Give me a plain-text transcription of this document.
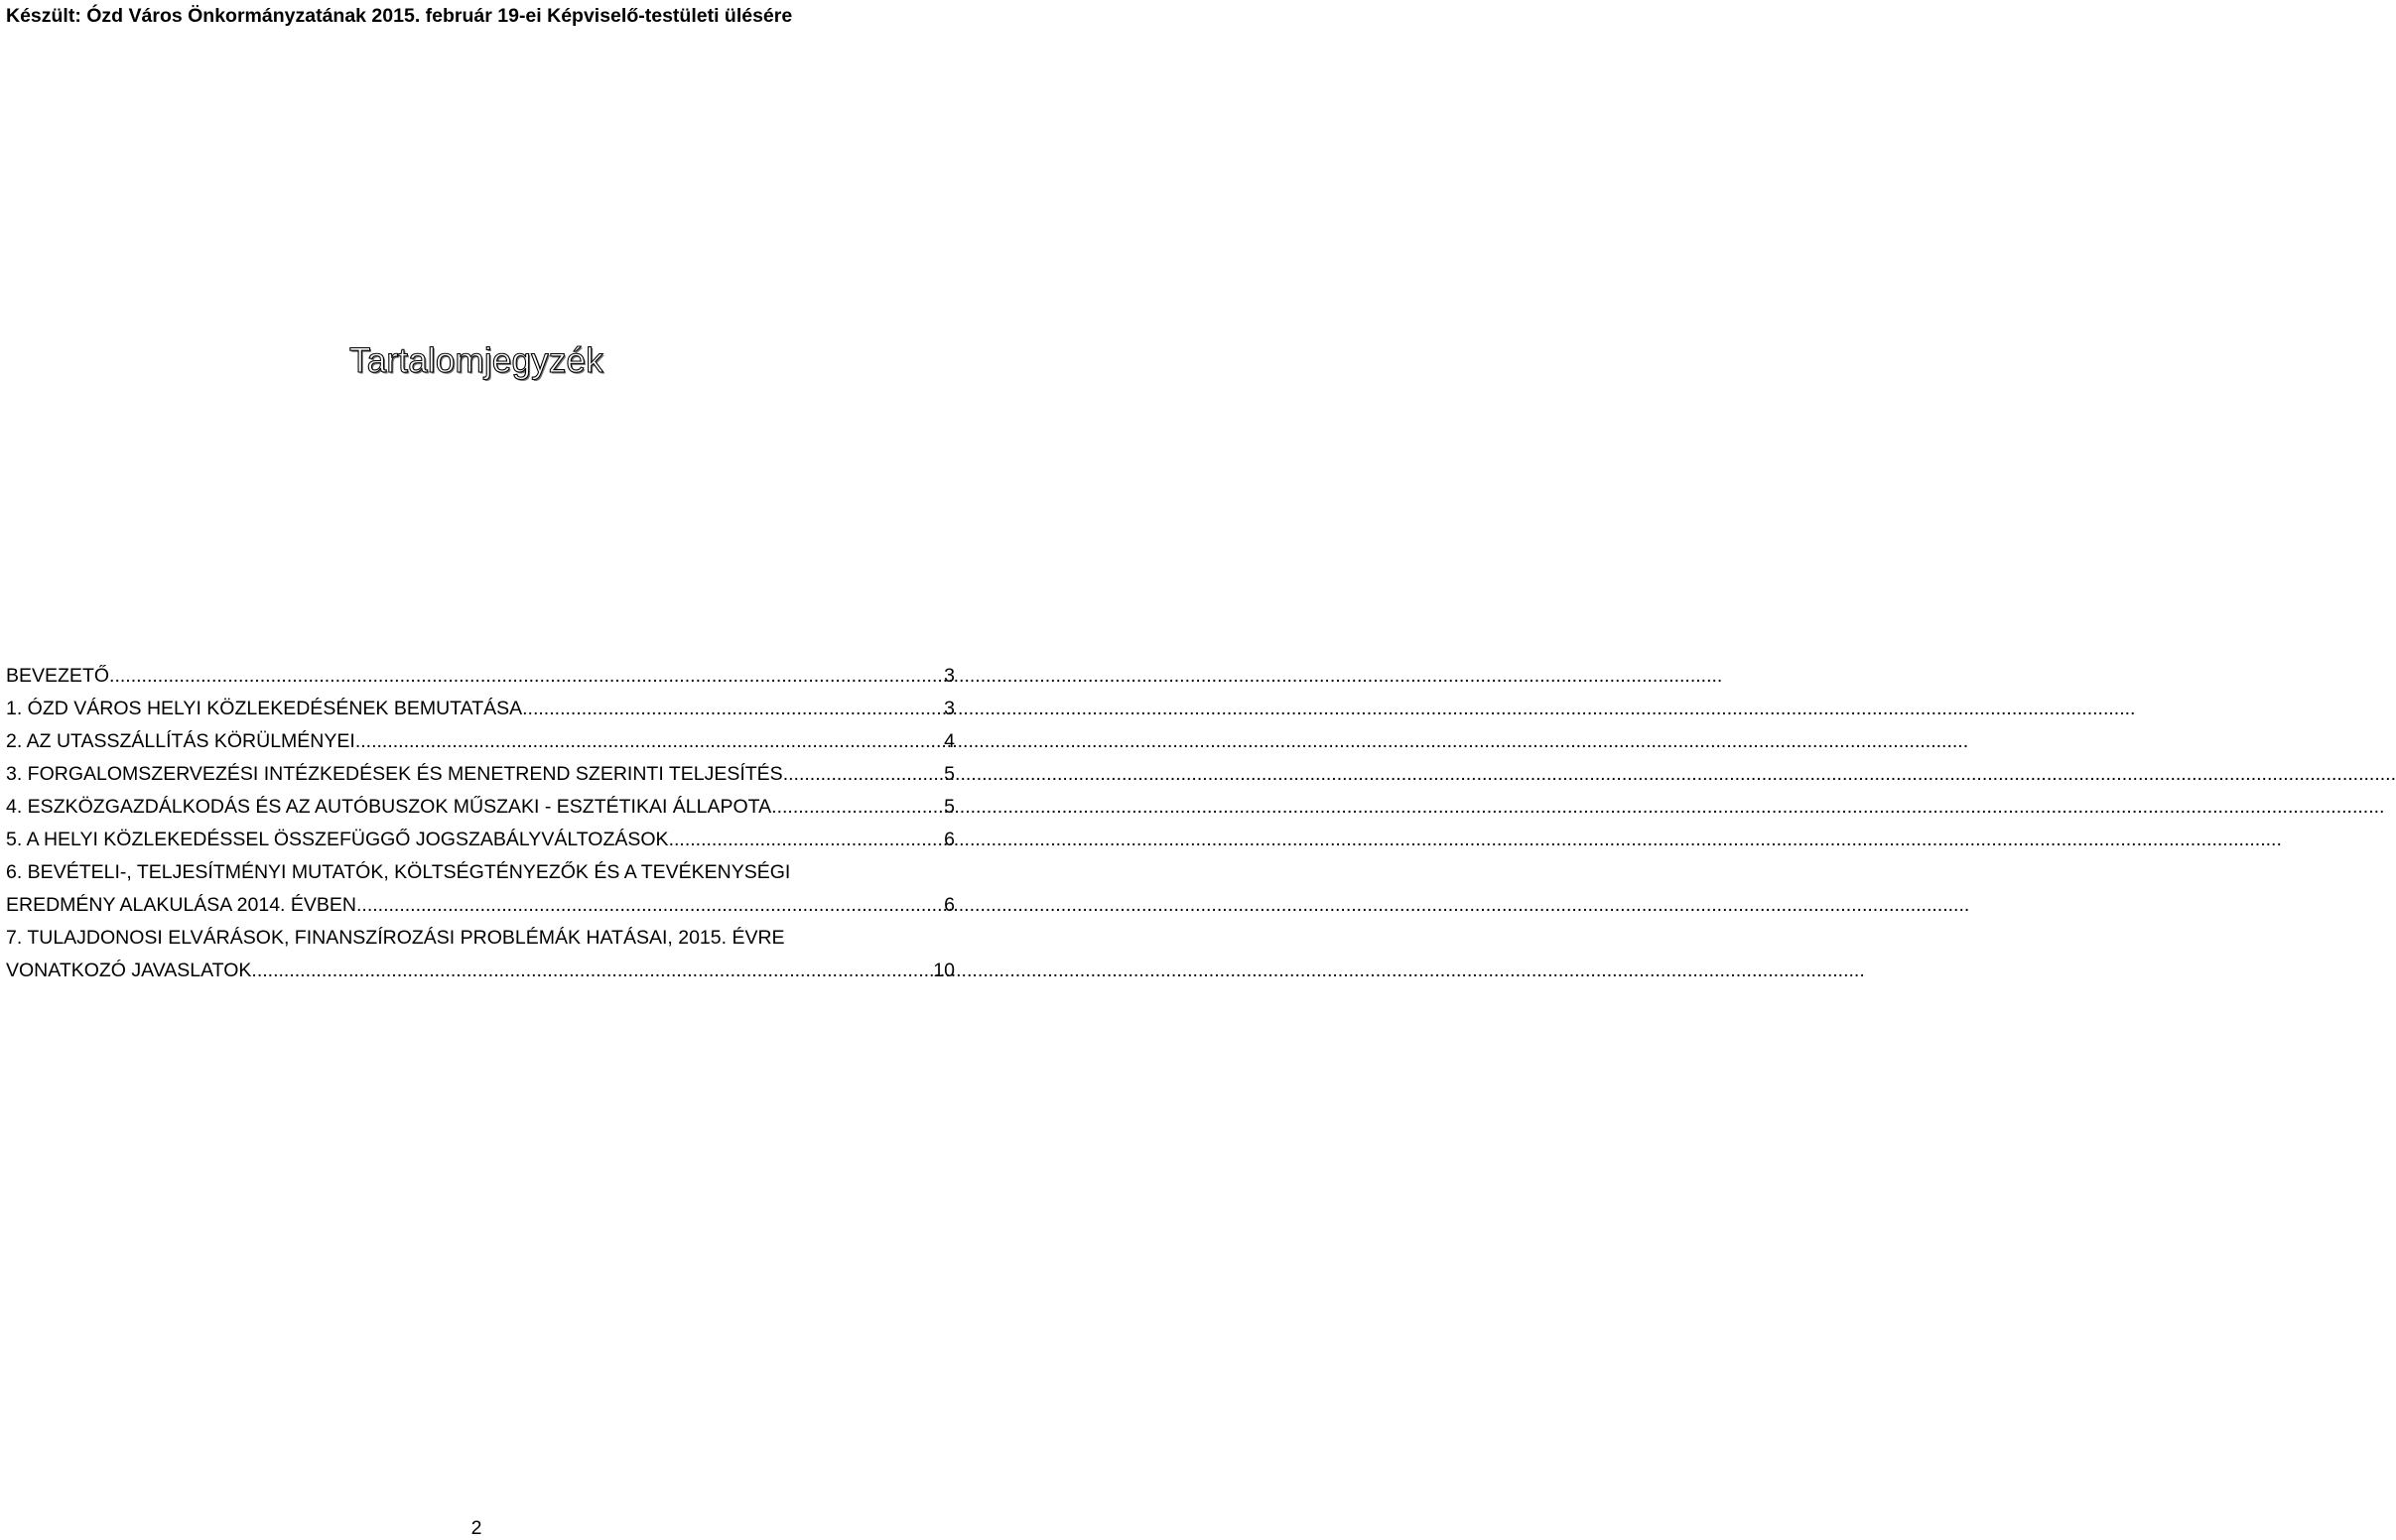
Készült: Ózd Város Önkormányzatának 2015. február 19-ei Képviselő-testületi ülésére
Tartalomjegyzék
BEVEZETŐ .....	3
1. ÓZD VÁROS HELYI KÖZLEKEDÉSÉNEK BEMUTATÁSA .....	3
2. AZ UTASSZÁLLÍTÁS KÖRÜLMÉNYEI .....	4
3. FORGALOMSZERVEZÉSI INTÉZKEDÉSEK ÉS MENETREND SZERINTI TELJESÍTÉS .....	5
4. ESZKÖZGAZDÁLKODÁS ÉS AZ AUTÓBUSZOK MŰSZAKI - ESZTÉTIKAI ÁLLAPOTA .....	5
5. A HELYI KÖZLEKEDÉSSEL ÖSSZEFÜGGŐ JOGSZABÁLYVÁLTOZÁSOK .....	6
6. BEVÉTELI-, TELJESÍTMÉNYI MUTATÓK, KÖLTSÉGTÉNYEZŐK ÉS A TEVÉKENYSÉGI
EREDMÉNY ALAKULÁSA 2014. ÉVBEN .....	6
7. TULAJDONOSI ELVÁRÁSOK, FINANSZÍROZÁSI PROBLÉMÁK HATÁSAI, 2015. ÉVRE
VONATKOZÓ JAVASLATOK .....	10
2
